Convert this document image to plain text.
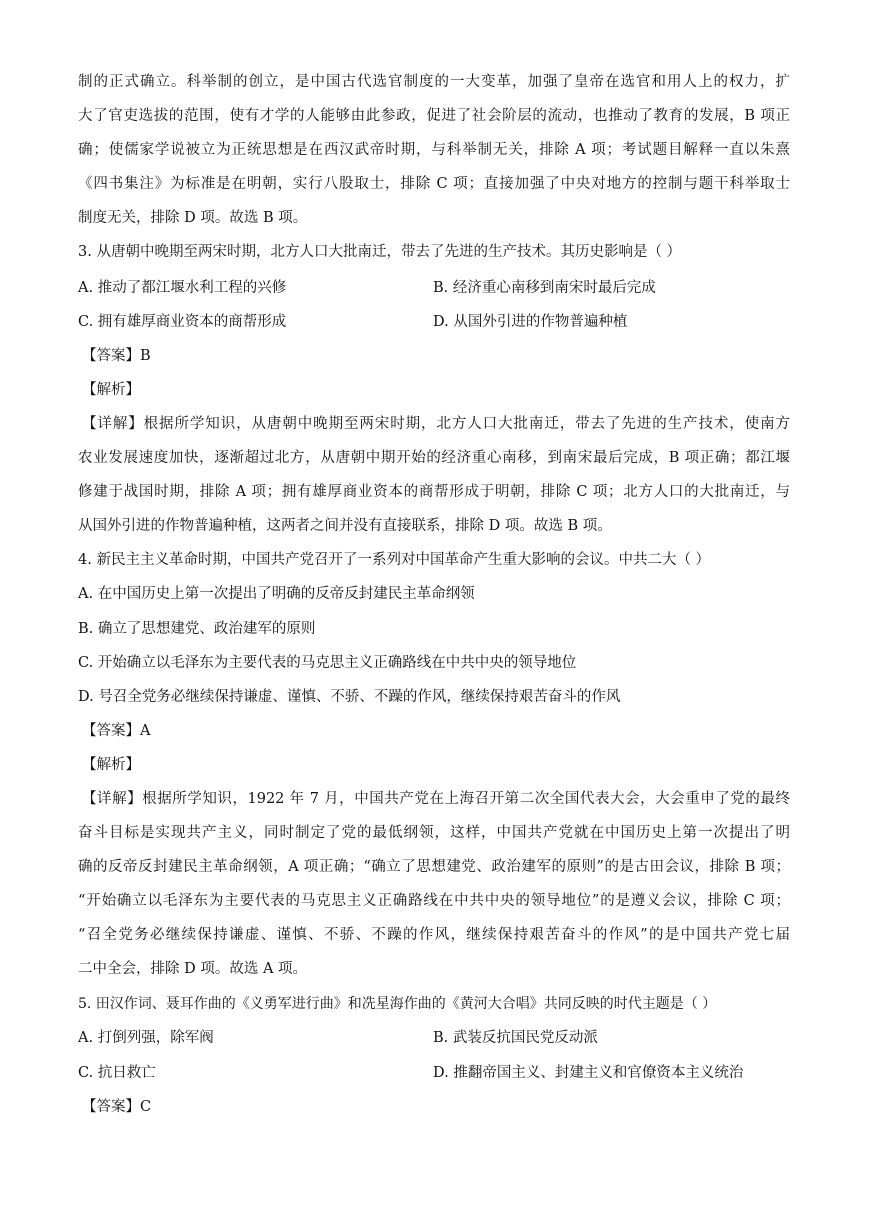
制的正式确立。科举制的创立，是中国古代选官制度的一大变革，加强了皇帝在选官和用人上的权力，扩
大了官吏选拔的范围，使有才学的人能够由此参政，促进了社会阶层的流动，也推动了教育的发展，B 项正
确；使儒家学说被立为正统思想是在西汉武帝时期，与科举制无关，排除 A 项；考试题目解释一直以朱熹
《四书集注》为标准是在明朝，实行八股取士，排除 C 项；直接加强了中央对地方的控制与题干科举取士
制度无关，排除 D 项。故选 B 项。
3. 从唐朝中晚期至两宋时期，北方人口大批南迁，带去了先进的生产技术。其历史影响是（ ）
A. 推动了都江堰水利工程的兴修	B. 经济重心南移到南宋时最后完成
C. 拥有雄厚商业资本的商帮形成	D. 从国外引进的作物普遍种植
【答案】B
【解析】
【详解】根据所学知识，从唐朝中晚期至两宋时期，北方人口大批南迁，带去了先进的生产技术，使南方
农业发展速度加快，逐渐超过北方，从唐朝中期开始的经济重心南移，到南宋最后完成，B 项正确；都江堰
修建于战国时期，排除 A 项；拥有雄厚商业资本的商帮形成于明朝，排除 C 项；北方人口的大批南迁，与
从国外引进的作物普遍种植，这两者之间并没有直接联系，排除 D 项。故选 B 项。
4. 新民主主义革命时期，中国共产党召开了一系列对中国革命产生重大影响的会议。中共二大（ ）
A. 在中国历史上第一次提出了明确的反帝反封建民主革命纲领
B. 确立了思想建党、政治建军的原则
C. 开始确立以毛泽东为主要代表的马克思主义正确路线在中共中央的领导地位
D. 号召全党务必继续保持谦虚、谨慎、不骄、不躁的作风，继续保持艰苦奋斗的作风
【答案】A
【解析】
【详解】根据所学知识，1922 年 7 月，中国共产党在上海召开第二次全国代表大会，大会重申了党的最终
奋斗目标是实现共产主义，同时制定了党的最低纲领，这样，中国共产党就在中国历史上第一次提出了明
确的反帝反封建民主革命纲领，A 项正确；“确立了思想建党、政治建军的原则”的是古田会议，排除 B 项；
“开始确立以毛泽东为主要代表的马克思主义正确路线在中共中央的领导地位”的是遵义会议，排除 C 项；
“召全党务必继续保持谦虚、谨慎、不骄、不躁的作风，继续保持艰苦奋斗的作风”的是中国共产党七届
二中全会，排除 D 项。故选 A 项。
5. 田汉作词、聂耳作曲的《义勇军进行曲》和冼星海作曲的《黄河大合唱》共同反映的时代主题是（ ）
A. 打倒列强，除军阀	B. 武装反抗国民党反动派
C. 抗日救亡	D. 推翻帝国主义、封建主义和官僚资本主义统治
【答案】C
